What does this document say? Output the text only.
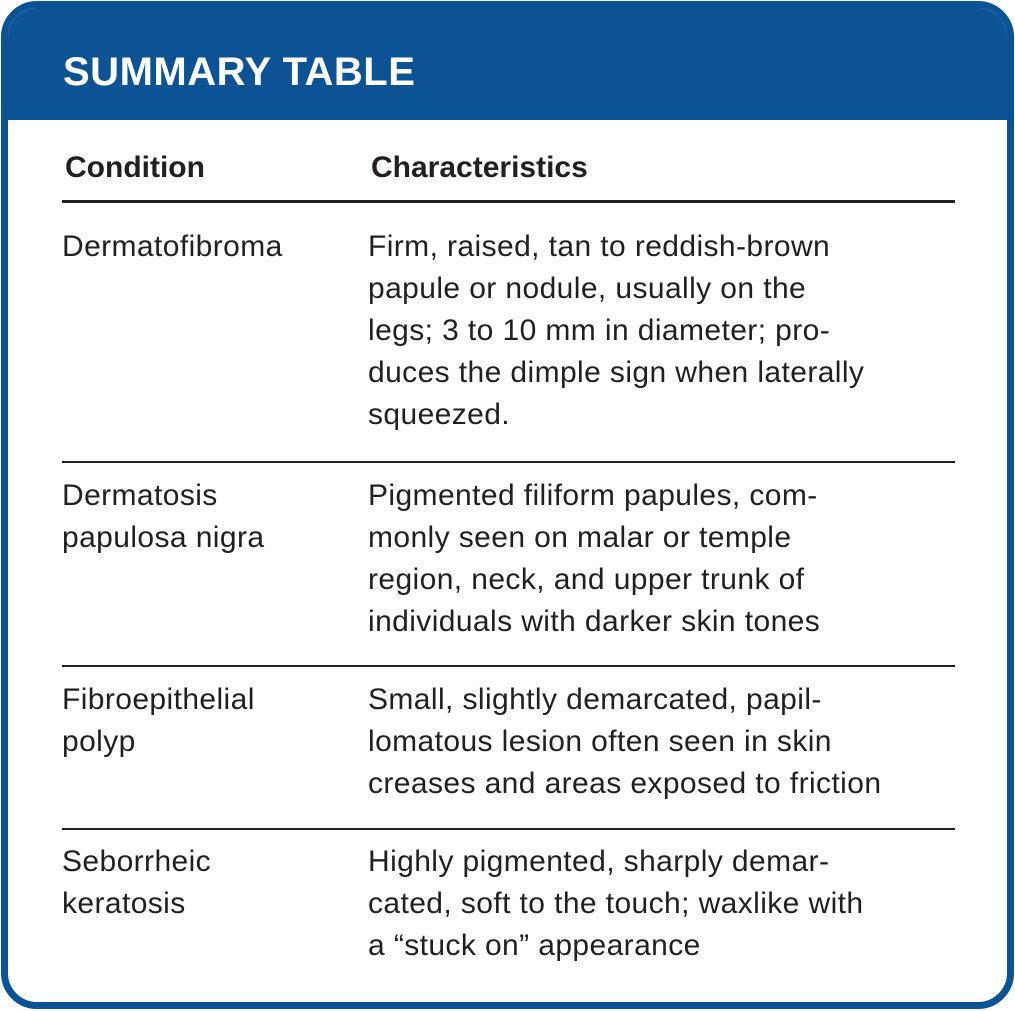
SUMMARY TABLE
Condition	Characteristics
Dermatofibroma	Firm, raised, tan to reddish-brown
papule or nodule, usually on the
legs; 3 to 10 mm in diameter; pro-
duces the dimple sign when laterally
squeezed.
Dermatosis
papulosa nigra
Pigmented filiform papules, com-
monly seen on malar or temple
region, neck, and upper trunk of
individuals with darker skin tones
Fibroepithelial
polyp
Small, slightly demarcated, papil-
lomatous lesion often seen in skin
creases and areas exposed to friction
Seborrheic
keratosis
Highly pigmented, sharply demar-
cated, soft to the touch; waxlike with
a “stuck on” appearance
